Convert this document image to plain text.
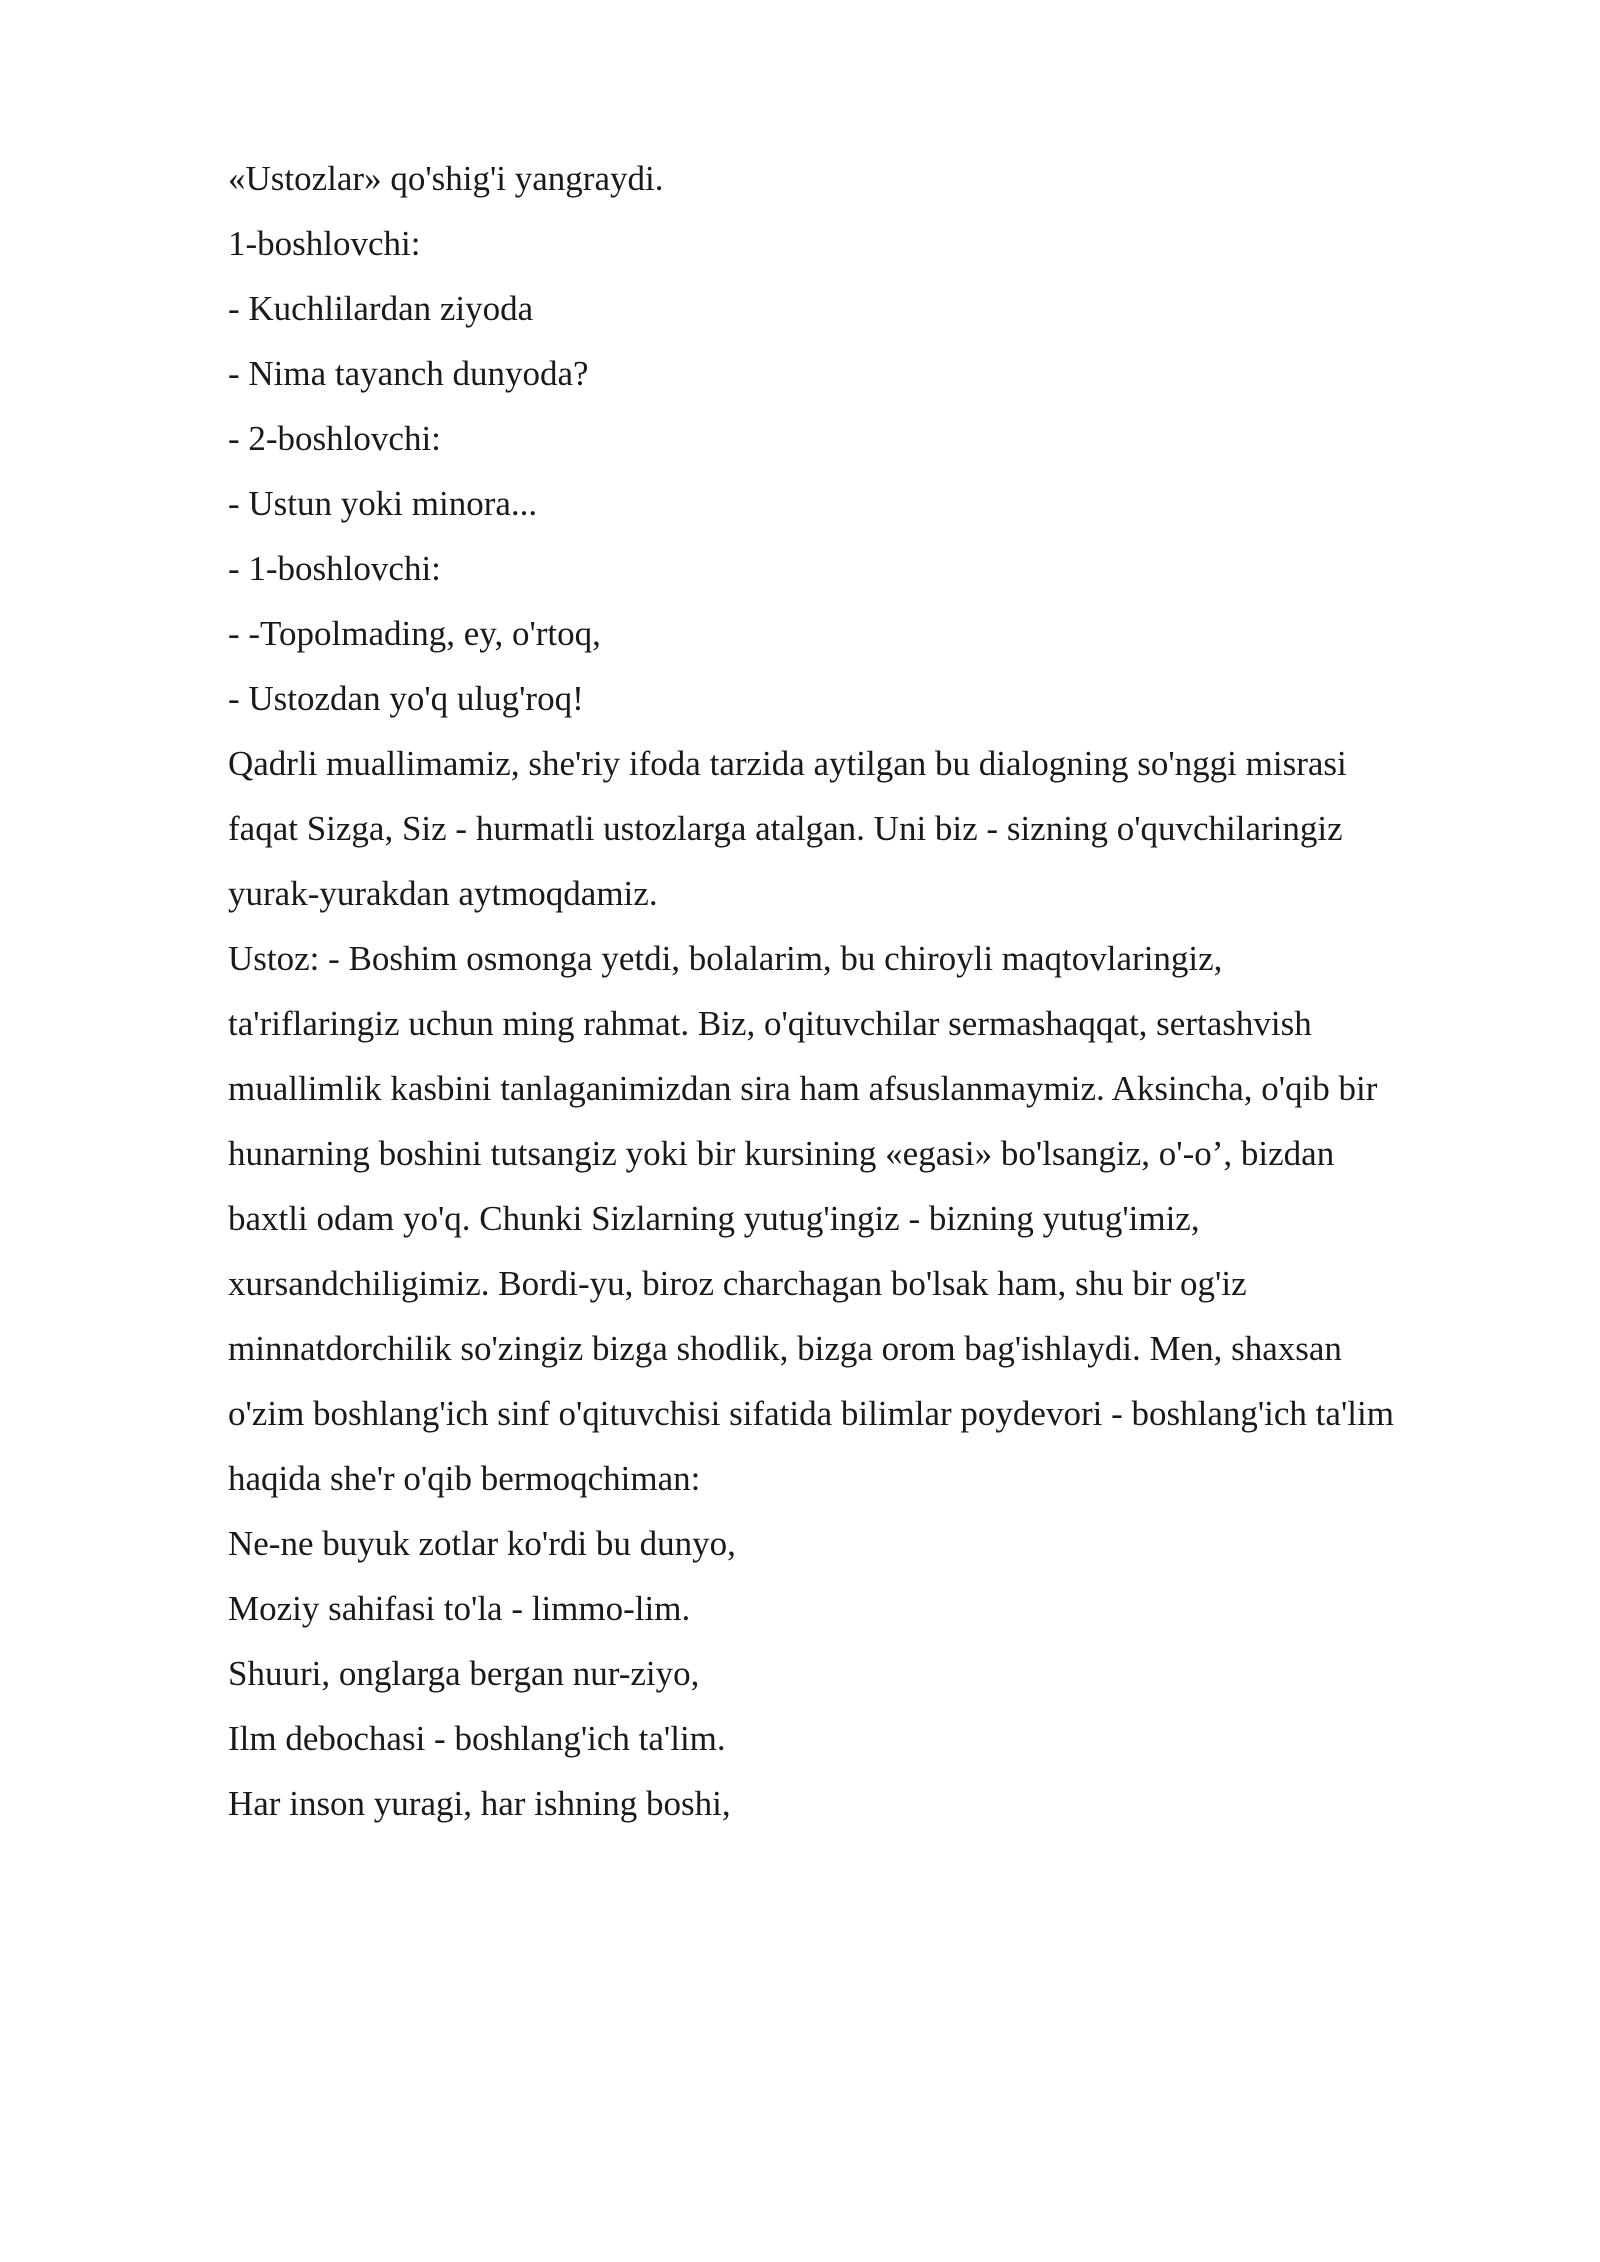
«Ustozlar» qo'shig'i yangraydi.

1-boshlovchi:

- Kuchlilardan ziyoda

- Nima tayanch dunyoda?

- 2-boshlovchi:

- Ustun yoki minora...

- 1-boshlovchi:

- -Topolmading, ey, o'rtoq,

- Ustozdan yo'q ulug'roq!

Qadrli muallimamiz, she'riy ifoda tarzida aytilgan bu dialogning so'nggi misrasi

faqat Sizga, Siz - hurmatli ustozlarga atalgan. Uni biz - sizning o'quvchilaringiz

yurak-yurakdan aytmoqdamiz.

Ustoz: - Boshim osmonga yetdi, bolalarim, bu chiroyli maqtovlaringiz,

ta'riflaringiz uchun ming rahmat. Biz, o'qituvchilar sermashaqqat, sertashvish

muallimlik kasbini tanlaganimizdan sira ham afsuslanmaymiz. Aksincha, o'qib bir

hunarning boshini tutsangiz yoki bir kursining «egasi» bo'lsangiz, o'-o’, bizdan

baxtli odam yo'q. Chunki Sizlarning yutug'ingiz - bizning yutug'imiz,

xursandchiligimiz. Bordi-yu, biroz charchagan bo'lsak ham, shu bir og'iz

minnatdorchilik so'zingiz bizga shodlik, bizga orom bag'ishlaydi. Men, shaxsan

o'zim boshlang'ich sinf o'qituvchisi sifatida bilimlar poydevori - boshlang'ich ta'lim

haqida she'r o'qib bermoqchiman:

Ne-ne buyuk zotlar ko'rdi bu dunyo,

Moziy sahifasi to'la - limmo-lim.

Shuuri, onglarga bergan nur-ziyo,

Ilm debochasi - boshlang'ich ta'lim.

Har inson yuragi, har ishning boshi,
